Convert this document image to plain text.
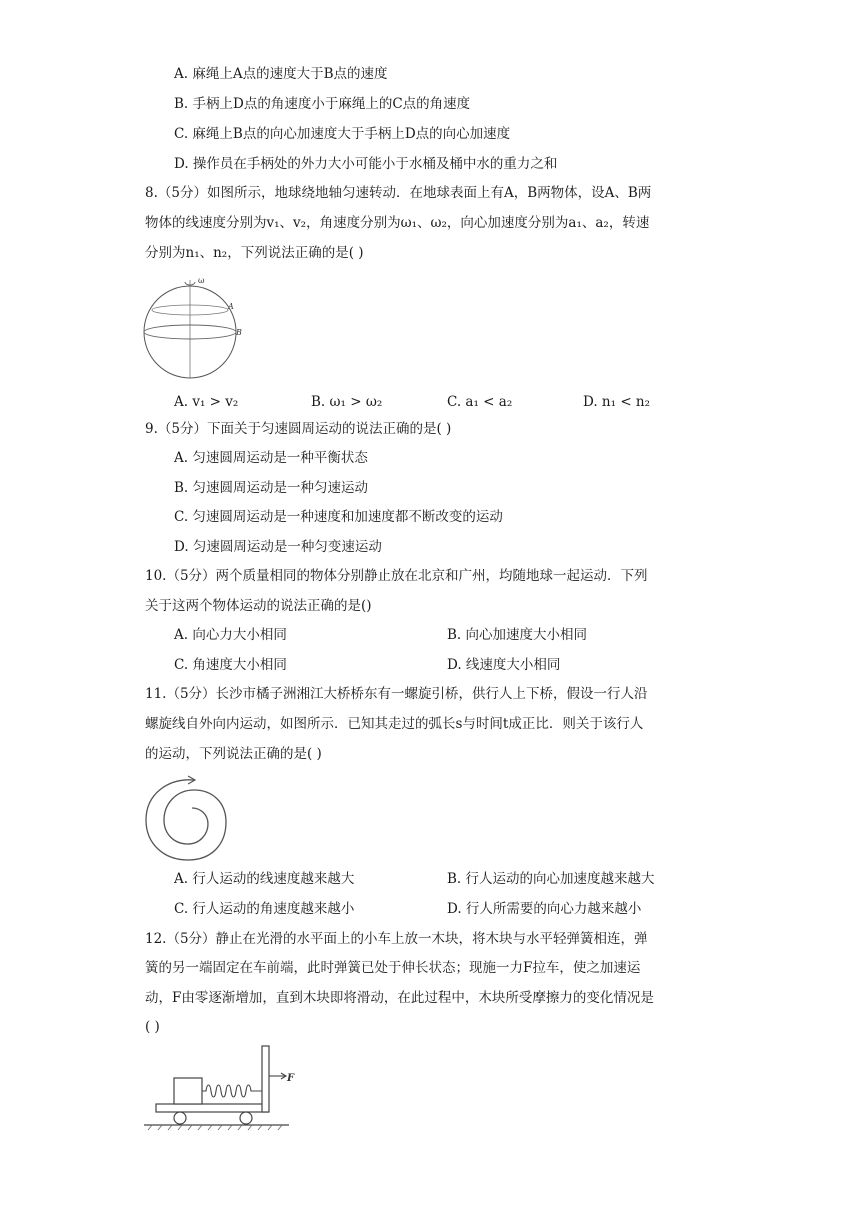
A. 麻绳上A点的速度大于B点的速度
B. 手柄上D点的角速度小于麻绳上的C点的角速度
C. 麻绳上B点的向心加速度大于手柄上D点的向心加速度
D. 操作员在手柄处的外力大小可能小于水桶及桶中水的重力之和
8.（5分）如图所示，地球绕地轴匀速转动．在地球表面上有A，B两物体，设A、B两
物体的线速度分别为v₁、v₂，角速度分别为ω₁、ω₂，向心加速度分别为a₁、a₂，转速
分别为n₁、n₂，下列说法正确的是( )
ω
A
B
A. v₁ > v₂	B. ω₁ > ω₂	C. a₁ < a₂	D. n₁ < n₂
9.（5分）下面关于匀速圆周运动的说法正确的是( )
A. 匀速圆周运动是一种平衡状态
B. 匀速圆周运动是一种匀速运动
C. 匀速圆周运动是一种速度和加速度都不断改变的运动
D. 匀速圆周运动是一种匀变速运动
10.（5分）两个质量相同的物体分别静止放在北京和广州，均随地球一起运动．下列
关于这两个物体运动的说法正确的是()
A. 向心力大小相同	B. 向心加速度大小相同
C. 角速度大小相同	D. 线速度大小相同
11.（5分）长沙市橘子洲湘江大桥桥东有一螺旋引桥，供行人上下桥，假设一行人沿
螺旋线自外向内运动，如图所示．已知其走过的弧长s与时间t成正比．则关于该行人
的运动，下列说法正确的是( )
A. 行人运动的线速度越来越大	B. 行人运动的向心加速度越来越大
C. 行人运动的角速度越来越小	D. 行人所需要的向心力越来越小
12.（5分）静止在光滑的水平面上的小车上放一木块，将木块与水平轻弹簧相连，弹
簧的另一端固定在车前端，此时弹簧已处于伸长状态；现施一力F拉车，使之加速运
动，F由零逐渐增加，直到木块即将滑动，在此过程中，木块所受摩擦力的变化情况是
( )
F
